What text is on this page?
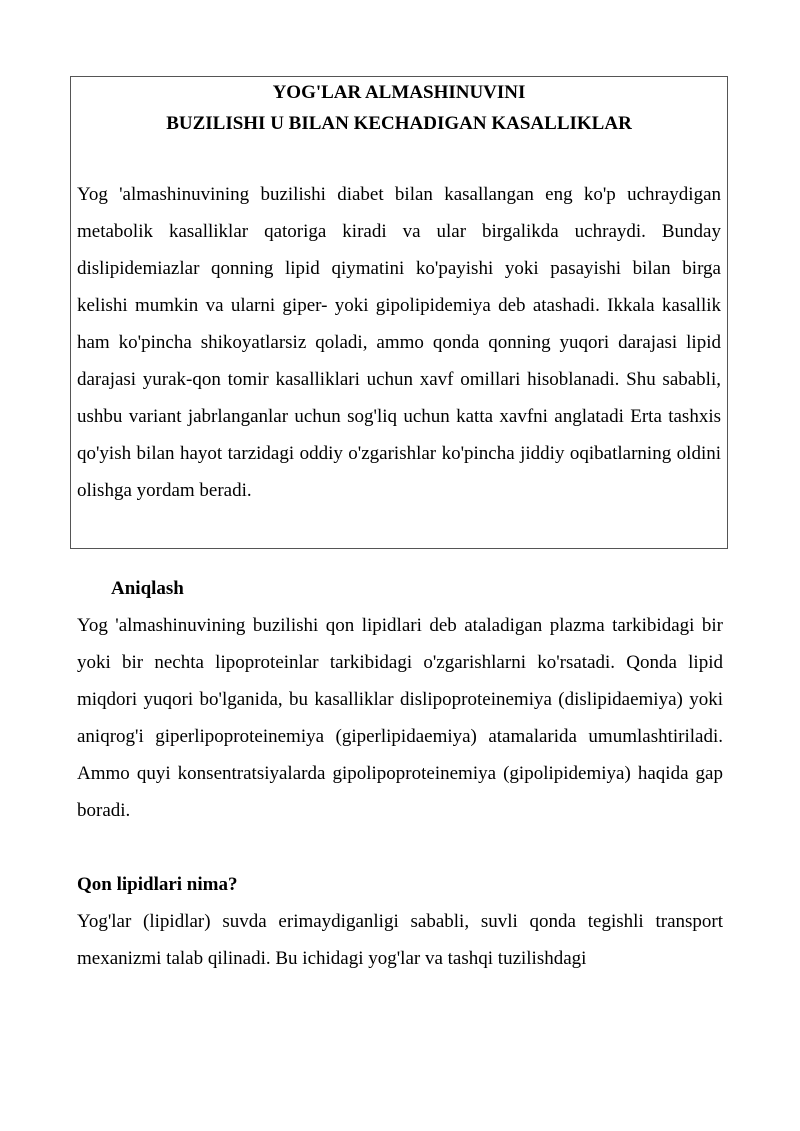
YOG'LAR ALMASHINUVINI
BUZILISHI U BILAN KECHADIGAN KASALLIKLAR
Yog 'almashinuvining buzilishi diabet bilan kasallangan eng ko'p uchraydigan metabolik kasalliklar qatoriga kiradi va ular birgalikda uchraydi. Bunday dislipidemiazlar qonning lipid qiymatini ko'payishi yoki pasayishi bilan birga kelishi mumkin va ularni giper- yoki gipolipidemiya deb atashadi. Ikkala kasallik ham ko'pincha shikoyatlarsiz qoladi, ammo qonda qonning yuqori darajasi lipid darajasi yurak-qon tomir kasalliklari uchun xavf omillari hisoblanadi. Shu sababli, ushbu variant jabrlanganlar uchun sog'liq uchun katta xavfni anglatadi Erta tashxis qo'yish bilan hayot tarzidagi oddiy o'zgarishlar ko'pincha jiddiy oqibatlarning oldini olishga yordam beradi.
Aniqlash

Yog 'almashinuvining buzilishi qon lipidlari deb ataladigan plazma tarkibidagi bir yoki bir nechta lipoproteinlar tarkibidagi o'zgarishlarni ko'rsatadi. Qonda lipid miqdori yuqori bo'lganida, bu kasalliklar dislipoproteinemiya (dislipidaemiya) yoki aniqrog'i giperlipoproteinemiya (giperlipidaemiya) atamalarida umumlashtiriladi. Ammo quyi konsentratsiyalarda gipolipoproteinemiya (gipolipidemiya) haqida gap boradi.

Qon lipidlari nima?

Yog'lar (lipidlar) suvda erimaydiganligi sababli, suvli qonda tegishli transport mexanizmi talab qilinadi. Bu ichidagi yog'lar va tashqi tuzilishdagi
